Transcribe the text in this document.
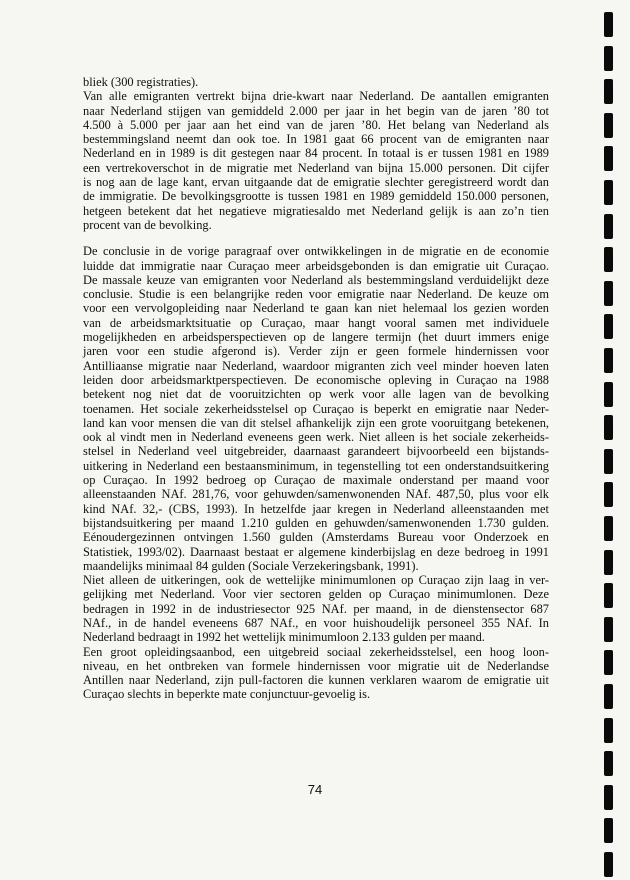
bliek (300 registraties).
Van alle emigranten vertrekt bijna drie-kwart naar Nederland. De aantallen emigranten
naar Nederland stijgen van gemiddeld 2.000 per jaar in het begin van de jaren ’80 tot
4.500 à 5.000 per jaar aan het eind van de jaren ’80. Het belang van Nederland als
bestemmingsland neemt dan ook toe. In 1981 gaat 66 procent van de emigranten naar
Nederland en in 1989 is dit gestegen naar 84 procent. In totaal is er tussen 1981 en 1989
een vertrekoverschot in de migratie met Nederland van bijna 15.000 personen. Dit cijfer
is nog aan de lage kant, ervan uitgaande dat de emigratie slechter geregistreerd wordt dan
de immigratie. De bevolkingsgrootte is tussen 1981 en 1989 gemiddeld 150.000 personen,
hetgeen betekent dat het negatieve migratiesaldo met Nederland gelijk is aan zo’n tien
procent van de bevolking.
De conclusie in de vorige paragraaf over ontwikkelingen in de migratie en de economie
luidde dat immigratie naar Curaçao meer arbeidsgebonden is dan emigratie uit Curaçao.
De massale keuze van emigranten voor Nederland als bestemmingsland verduidelijkt deze
conclusie. Studie is een belangrijke reden voor emigratie naar Nederland. De keuze om
voor een vervolgopleiding naar Nederland te gaan kan niet helemaal los gezien worden
van de arbeidsmarktsituatie op Curaçao, maar hangt vooral samen met individuele
mogelijkheden en arbeidsperspectieven op de langere termijn (het duurt immers enige
jaren voor een studie afgerond is). Verder zijn er geen formele hindernissen voor
Antilliaanse migratie naar Nederland, waardoor migranten zich veel minder hoeven laten
leiden door arbeidsmarktperspectieven. De economische opleving in Curaçao na 1988
betekent nog niet dat de vooruitzichten op werk voor alle lagen van de bevolking
toenamen. Het sociale zekerheidsstelsel op Curaçao is beperkt en emigratie naar Neder-
land kan voor mensen die van dit stelsel afhankelijk zijn een grote vooruitgang betekenen,
ook al vindt men in Nederland eveneens geen werk. Niet alleen is het sociale zekerheids-
stelsel in Nederland veel uitgebreider, daarnaast garandeert bijvoorbeeld een bijstands-
uitkering in Nederland een bestaansminimum, in tegenstelling tot een onderstandsuitkering
op Curaçao. In 1992 bedroeg op Curaçao de maximale onderstand per maand voor
alleenstaanden NAf. 281,76, voor gehuwden/samenwonenden NAf. 487,50, plus voor elk
kind NAf. 32,- (CBS, 1993). In hetzelfde jaar kregen in Nederland alleenstaanden met
bijstandsuitkering per maand 1.210 gulden en gehuwden/samenwonenden 1.730 gulden.
Eénoudergezinnen ontvingen 1.560 gulden (Amsterdams Bureau voor Onderzoek en
Statistiek, 1993/02). Daarnaast bestaat er algemene kinderbijslag en deze bedroeg in 1991
maandelijks minimaal 84 gulden (Sociale Verzekeringsbank, 1991).
Niet alleen de uitkeringen, ook de wettelijke minimumlonen op Curaçao zijn laag in ver-
gelijking met Nederland. Voor vier sectoren gelden op Curaçao minimumlonen. Deze
bedragen in 1992 in de industriesector 925 NAf. per maand, in de dienstensector 687
NAf., in de handel eveneens 687 NAf., en voor huishoudelijk personeel 355 NAf. In
Nederland bedraagt in 1992 het wettelijk minimumloon 2.133 gulden per maand.
Een groot opleidingsaanbod, een uitgebreid sociaal zekerheidsstelsel, een hoog loon-
niveau, en het ontbreken van formele hindernissen voor migratie uit de Nederlandse
Antillen naar Nederland, zijn pull-factoren die kunnen verklaren waarom de emigratie uit
Curaçao slechts in beperkte mate conjunctuur-gevoelig is.
74
